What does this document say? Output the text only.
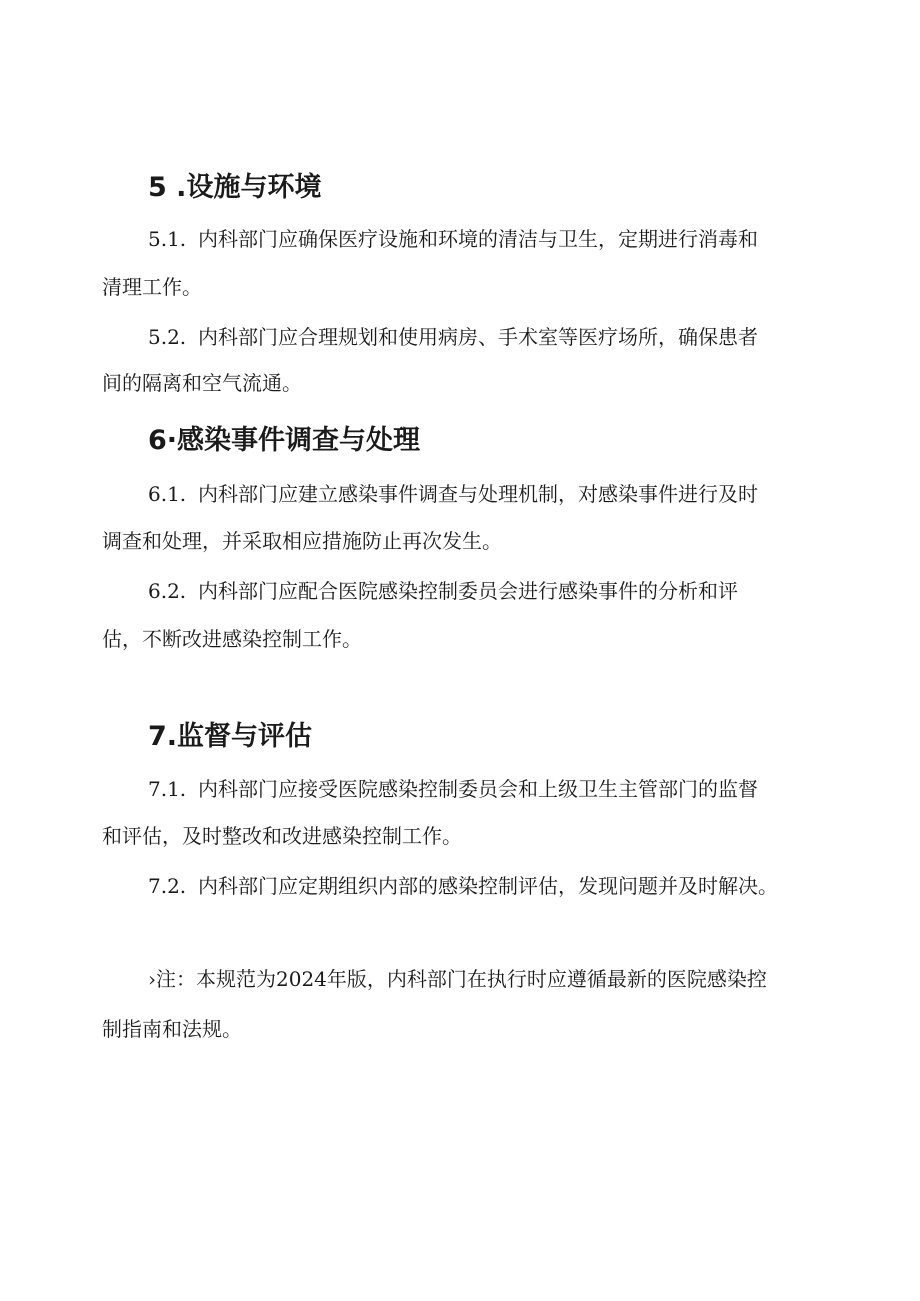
5 .设施与环境

5.1. 内科部门应确保医疗设施和环境的清洁与卫生，定期进行消毒和

清理工作。

5.2. 内科部门应合理规划和使用病房、手术室等医疗场所，确保患者

间的隔离和空气流通。

6·感染事件调查与处理

6.1. 内科部门应建立感染事件调查与处理机制，对感染事件进行及时

调查和处理，并采取相应措施防止再次发生。

6.2. 内科部门应配合医院感染控制委员会进行感染事件的分析和评

估，不断改进感染控制工作。

7.监督与评估

7.1. 内科部门应接受医院感染控制委员会和上级卫生主管部门的监督

和评估，及时整改和改进感染控制工作。

7.2. 内科部门应定期组织内部的感染控制评估，发现问题并及时解决。

›注：本规范为2024年版，内科部门在执行时应遵循最新的医院感染控

制指南和法规。
